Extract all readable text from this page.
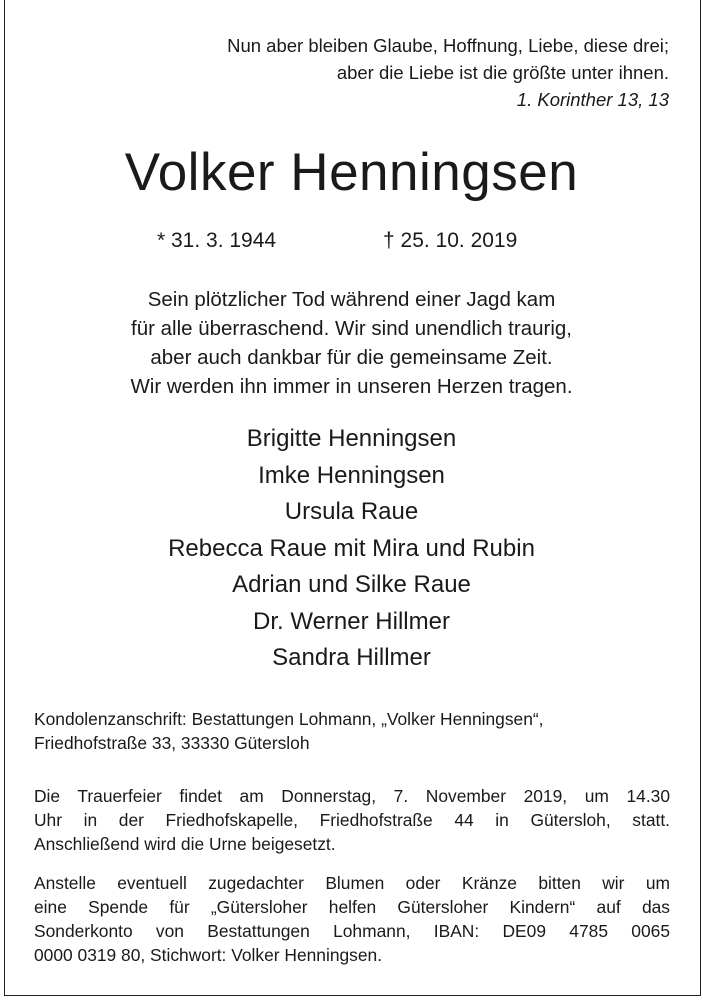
Nun aber bleiben Glaube, Hoffnung, Liebe, diese drei;
aber die Liebe ist die größte unter ihnen.
1. Korinther 13, 13
Volker Henningsen
* 31. 3. 1944	† 25. 10. 2019
Sein plötzlicher Tod während einer Jagd kam
für alle überraschend. Wir sind unendlich traurig,
aber auch dankbar für die gemeinsame Zeit.
Wir werden ihn immer in unseren Herzen tragen.
Brigitte Henningsen
Imke Henningsen
Ursula Raue
Rebecca Raue mit Mira und Rubin
Adrian und Silke Raue
Dr. Werner Hillmer
Sandra Hillmer
Kondolenzanschrift: Bestattungen Lohmann, „Volker Henningsen“,
Friedhofstraße 33, 33330 Gütersloh
Die Trauerfeier findet am Donnerstag, 7. November 2019, um 14.30
Uhr in der Friedhofskapelle, Friedhofstraße 44 in Gütersloh, statt.
Anschließend wird die Urne beigesetzt.
Anstelle eventuell zugedachter Blumen oder Kränze bitten wir um
eine Spende für „Gütersloher helfen Gütersloher Kindern“ auf das
Sonderkonto von Bestattungen Lohmann, IBAN: DE09 4785 0065
0000 0319 80, Stichwort: Volker Henningsen.
